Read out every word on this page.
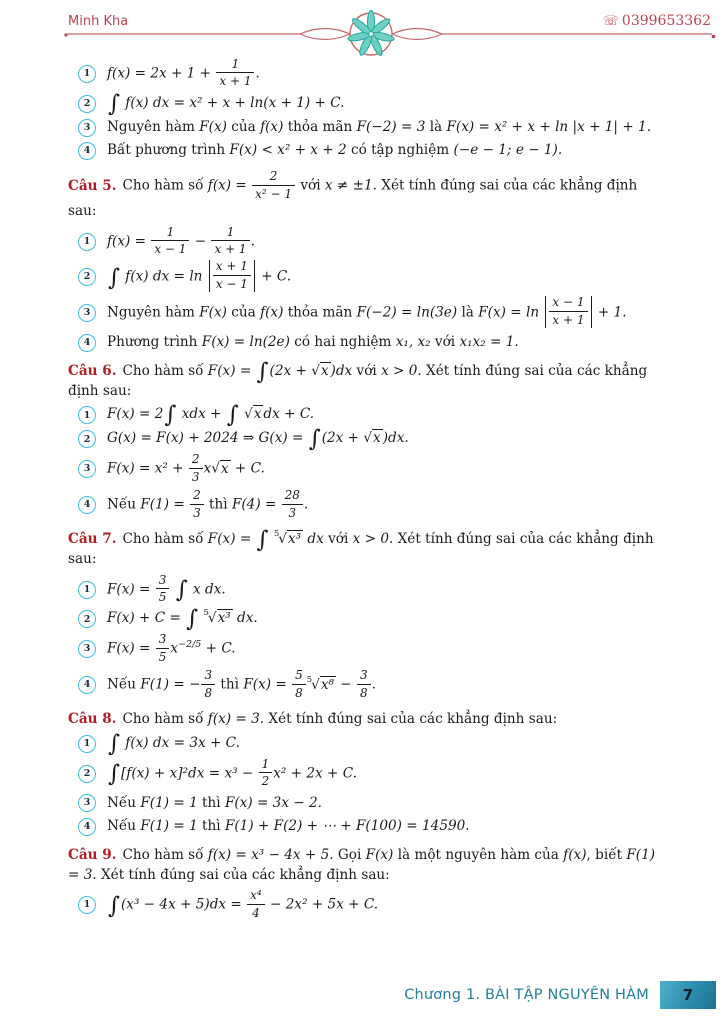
Minh Kha	☏ 0399653362
1 $f(x) = 2x + 1 + \frac{1}{x + 1}$ .
2 ∫ f(x) dx = x² + x + ln(x + 1) + C.
3 Nguyên hàm F(x) của f(x) thỏa mãn F(−2) = 3 là F(x) = x² + x + ln |x + 1| + 1.
4 Bất phương trình F(x) < x² + x + 2 có tập nghiệm (−e − 1; e − 1).
Câu 5. Cho hàm số $f(x) = \frac{2}{\text{x² − 1}}$ với x ≠ ±1. Xét tính đúng sai của các khẳng định sau:
1 $f(x) = \frac{1}{x - 1} - \frac{1}{x + 1}$ .
2 ∫ f(x) dx = $\ln \frac{x + 1}{x - 1} + C$.
3 Nguyên hàm F(x) của f(x) thỏa mãn F(−2) = ln(3e) là $F(x) = \ln \frac{x - 1}{x + 1} + 1$.
4 Phương trình F(x) = ln(2e) có hai nghiệm x₁, x₂ với x₁x₂ = 1.
Câu 6. Cho hàm số F(x) = ∫(2x + √x )dx với x > 0. Xét tính đúng sai của các khẳng định sau:
1 F(x) = 2∫ xdx + ∫ √x dx + C.
2 G(x) = F(x) + 2024 ⇒ G(x) = ∫(2x + √x )dx.
3 $F(x) = x^2 + \frac{2}{3} x√x + C$.
4 Nếu $F(1) = \frac{2}{3}$ thì $F(4) = \frac{28}{3}$ .
Câu 7. Cho hàm số F(x) = ∫ $^5$√x³ dx với x > 0. Xét tính đúng sai của các khẳng định sau:
1 $F(x) = \frac{3}{5}$ ∫ x dx.
2 F(x) + C = ∫ $^5$√x³ dx.
3 $F(x) = \frac{3}{5} x^{-2/5} + C$.
4 Nếu F(1) = − $\frac{3}{8}$ thì $F(x) = \frac{5}{8} ^5√x^8 - \frac{3}{8}$ .
Câu 8. Cho hàm số f(x) = 3. Xét tính đúng sai của các khẳng định sau:
1 ∫ f(x) dx = 3x + C.
2 $\int[f(x) + x]^2dx = x^3 - \frac{1}{2} x^2 + 2x + C$.
3 Nếu F(1) = 1 thì F(x) = 3x − 2.
4 Nếu F(1) = 1 thì F(1) + F(2) + ⋯ + F(100) = 14590.
Câu 9. Cho hàm số f(x) = x³ − 4x + 5. Gọi F(x) là một nguyên hàm của f(x), biết F(1) = 3. Xét tính đúng sai của các khẳng định sau:
1 $\int(x^3 - 4x + 5)dx = \frac{\text{x⁴}}{4} - 2x^2 + 5x + C$.
Chương 1. BÀI TẬP NGUYÊN HÀM 7
